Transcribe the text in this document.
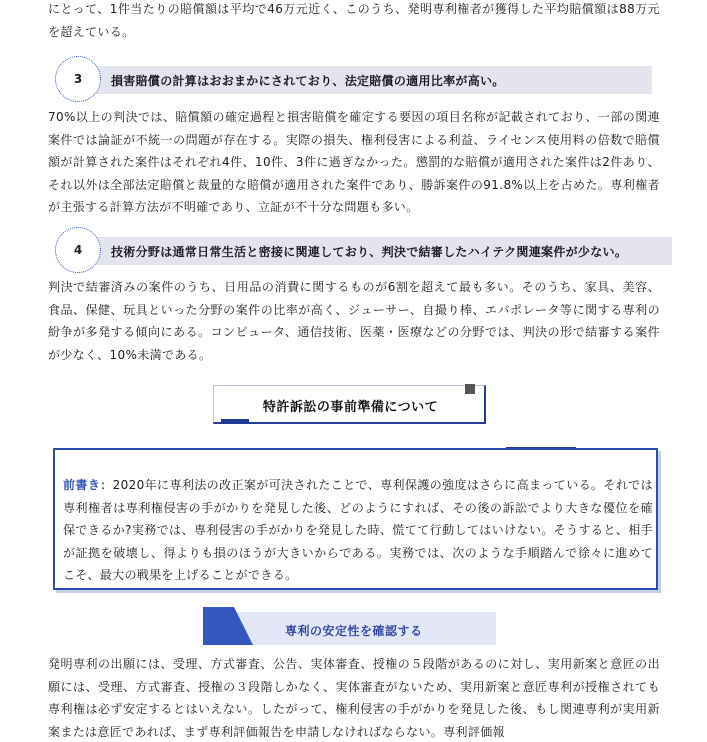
にとって、1件当たりの賠償額は平均で46万元近く、このうち、発明専利権者が獲得した平均賠償額は88万元を超えている。
3	損害賠償の計算はおおまかにされており、法定賠償の適用比率が高い。
70%以上の判決では、賠償額の確定過程と損害賠償を確定する要因の項目名称が記載されており、一部の関連案件では論証が不統一の問題が存在する。実際の損失、権利侵害による利益、ライセンス使用料の倍数で賠償額が計算された案件はそれぞれ4件、10件、3件に過ぎなかった。懲罰的な賠償が適用された案件は2件あり、それ以外は全部法定賠償と裁量的な賠償が適用された案件であり、勝訴案件の91.8%以上を占めた。専利権者が主張する計算方法が不明確であり、立証が不十分な問題も多い。
4	技術分野は通常日常生活と密接に関連しており、判決で結審したハイテク関連案件が少ない。
判決で結審済みの案件のうち、日用品の消費に関するものが6割を超えて最も多い。そのうち、家具、美容、食品、保健、玩具といった分野の案件の比率が高く、ジューサー、自撮り棒、エバポレータ等に関する専利の紛争が多発する傾向にある。コンピュータ、通信技術、医薬・医療などの分野では、判決の形で結審する案件が少なく、10%未満である。
特許訴訟の事前準備について
前書き：2020年に専利法の改正案が可決されたことで、専利保護の強度はさらに高まっている。それでは専利権者は専利権侵害の手がかりを発見した後、どのようにすれば、その後の訴訟でより大きな優位を確保できるか?実務では、専利侵害の手がかりを発見した時、慌てて行動してはいけない。そうすると、相手が証拠を破壊し、得よりも損のほうが大きいからである。実務では、次のような手順踏んで徐々に進めてこそ、最大の戦果を上げることができる。
専利の安定性を確認する
発明専利の出願には、受理、方式審査、公告、実体審査、授権の５段階があるのに対し、実用新案と意匠の出願には、受理、方式審査、授権の３段階しかなく、実体審査がないため、実用新案と意匠専利が授権されても専利権は必ず安定するとはいえない。したがって、権利侵害の手がかりを発見した後、もし関連専利が実用新案または意匠であれば、まず専利評価報告を申請しなければならない。専利評価報
